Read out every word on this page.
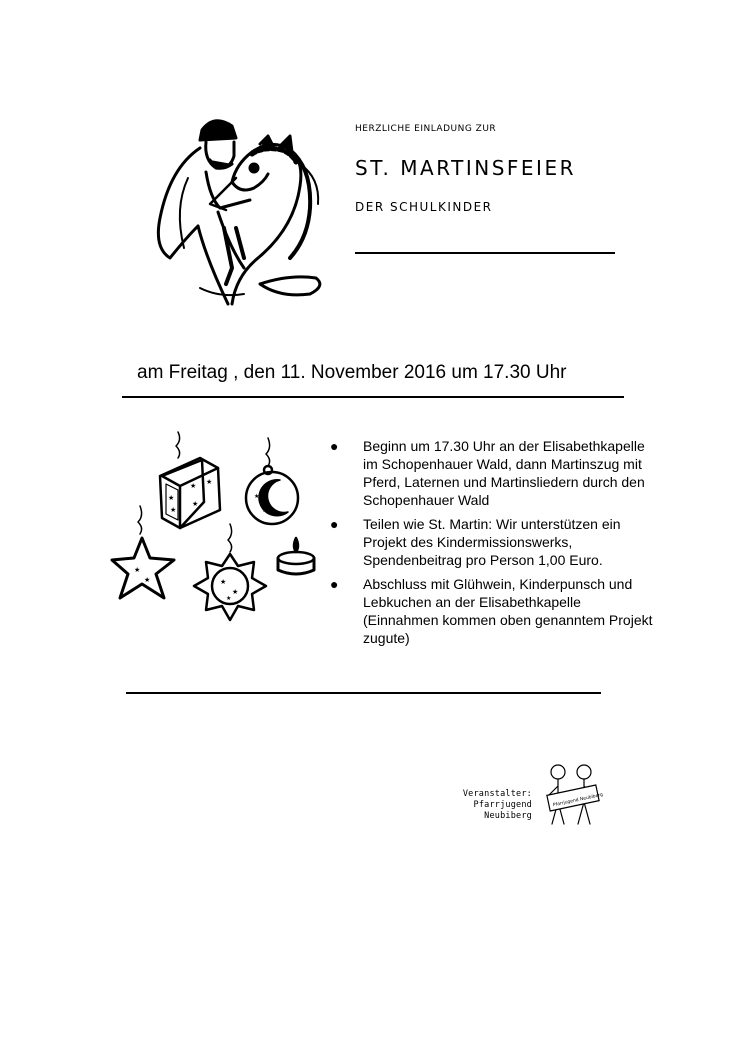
HERZLICHE EINLADUNG ZUR
ST. MARTINSFEIER
DER SCHULKINDER
am Freitag , den 11. November 2016 um 17.30 Uhr
★
★
★
★
★
★
★
★
★	★
★
★
● Beginn um 17.30 Uhr an der Elisabethkapelle im Schopenhauer Wald, dann Martinszug mit Pferd, Laternen und Martinsliedern durch den Schopenhauer Wald
● Teilen wie St. Martin: Wir unterstützen ein Projekt des Kindermissionswerks, Spendenbeitrag pro Person 1,00 Euro.
● Abschluss mit Glühwein, Kinderpunsch und Lebkuchen an der Elisabethkapelle (Einnahmen kommen oben genanntem Projekt zugute)
Veranstalter:
Pfarrjugend Neubiberg
Pfarrjugend Neubiberg
